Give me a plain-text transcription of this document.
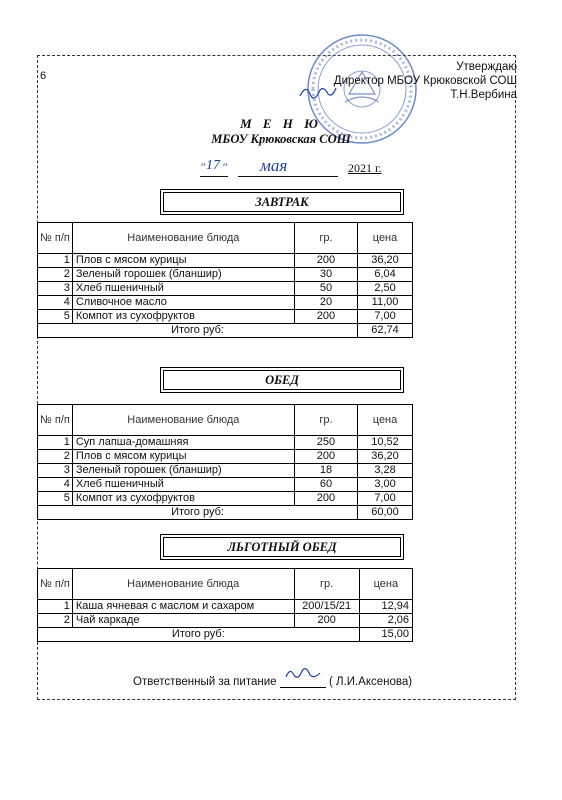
6
Утверждаю
Директор МБОУ Крюковской СОШ
Т.Н.Вербина
М Е Н Ю
МБОУ Крюковская СОШ
" 17 " мая	2021 г.
ЗАВТРАК
№ п/п	Наименование блюда	гр.	цена
1	Плов с мясом курицы	200	36,20
2	Зеленый горошек (бланшир)	30	6,04
3	Хлеб пшеничный	50	2,50
4	Сливочное масло	20	11,00
5	Компот из сухофруктов	200	7,00
Итого руб:			62,74
ОБЕД
№ п/п	Наименование блюда	гр.	цена
1	Суп лапша-домашняя	250	10,52
2	Плов с мясом курицы	200	36,20
3	Зеленый горошек (бланшир)	18	3,28
4	Хлеб пшеничный	60	3,00
5	Компот из сухофруктов	200	7,00
Итого руб:			60,00
ЛЬГОТНЫЙ ОБЕД
№ п/п	Наименование блюда	гр.	цена
1	Каша ячневая с маслом и сахаром	200/15/21	12,94
2	Чай каркаде	200	2,06
Итого руб:			15,00
Ответственный за питание	( Л.И.Аксенова)
